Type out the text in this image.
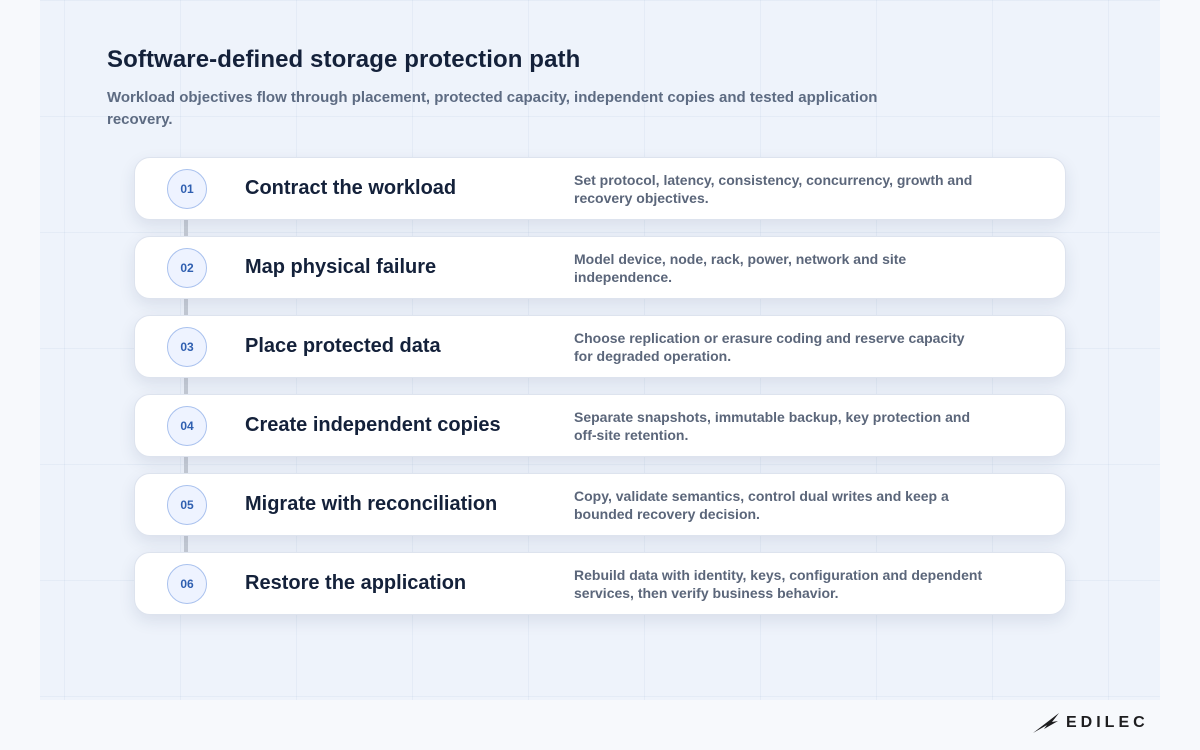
Software-defined storage protection path

Workload objectives flow through placement, protected capacity, independent copies and tested application recovery.

01	Contract the workload	Set protocol, latency, consistency, concurrency, growth and recovery objectives.
02	Map physical failure	Model device, node, rack, power, network and site independence.
03	Place protected data	Choose replication or erasure coding and reserve capacity for degraded operation.
04	Create independent copies	Separate snapshots, immutable backup, key protection and off-site retention.
05	Migrate with reconciliation	Copy, validate semantics, control dual writes and keep a bounded recovery decision.
06	Restore the application	Rebuild data with identity, keys, configuration and dependent services, then verify business behavior.
EDILEC
